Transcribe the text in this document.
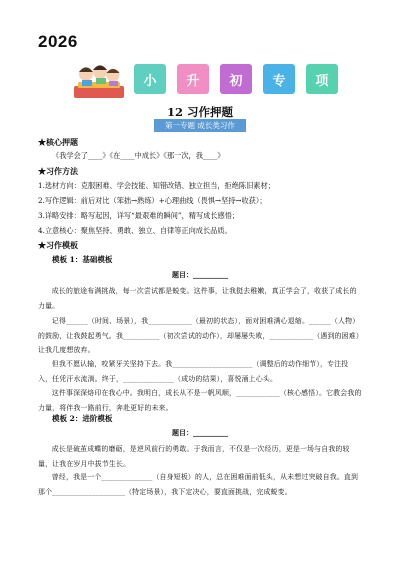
2026
小	升	初	专	项
12 习作押题
第一专题 成长类习作
★核心押题
《我学会了____》《在____中成长》《那一次，我____》
★习作方法
1.选材方向：克服困难、学会技能、知错改错、独立担当，拒绝陈旧素材；
2.写作逻辑：前后对比（笨拙→熟练）+心理曲线（畏惧→坚持→收获）；
3.详略安排：略写起因，详写“最艰难的瞬间”，精写成长感悟；
4.立意核心：聚焦坚持、勇敢、独立、自律等正向成长品质。
★习作模板
模板 1：基础模板
题目：__________
成长的旅途布满挑战，每一次尝试都是蜕变。这件事，让我挺去稚嫩，真正学会了，收获了成长的力量。
记得______（时间、场景），我____________（最初的状态），面对困难满心退缩。______（人物）的鼓励，让我鼓起勇气。我__________（初次尝试的动作），却屡屡失败，____________（遇到的困难）让我几度想放弃。
但我不愿认输，咬紧牙关坚持下去。我______________________（调整后的动作细节），专注投入，任凭汗水流淌。终于，______________（成功的结果），喜悦涌上心头。
这件事深深烙印在我心中。我明白，成长从不是一帆风顺，____________（核心感悟）。它教会我的力量，将伴我一路前行，奔赴更好的未来。
模板 2：进阶模板
题目：__________
成长是破茧成蝶的磨砺，是逆风前行的勇敢。于我而言，不仅是一次经历，更是一场与自我的较量，让我在岁月中拔节生长。
曾经，我是一个______________（自身短板）的人，总在困难面前低头，从未想过突破自我。直到那个____________________（特定场景），我下定决心，要直面挑战，完成蜕变。
